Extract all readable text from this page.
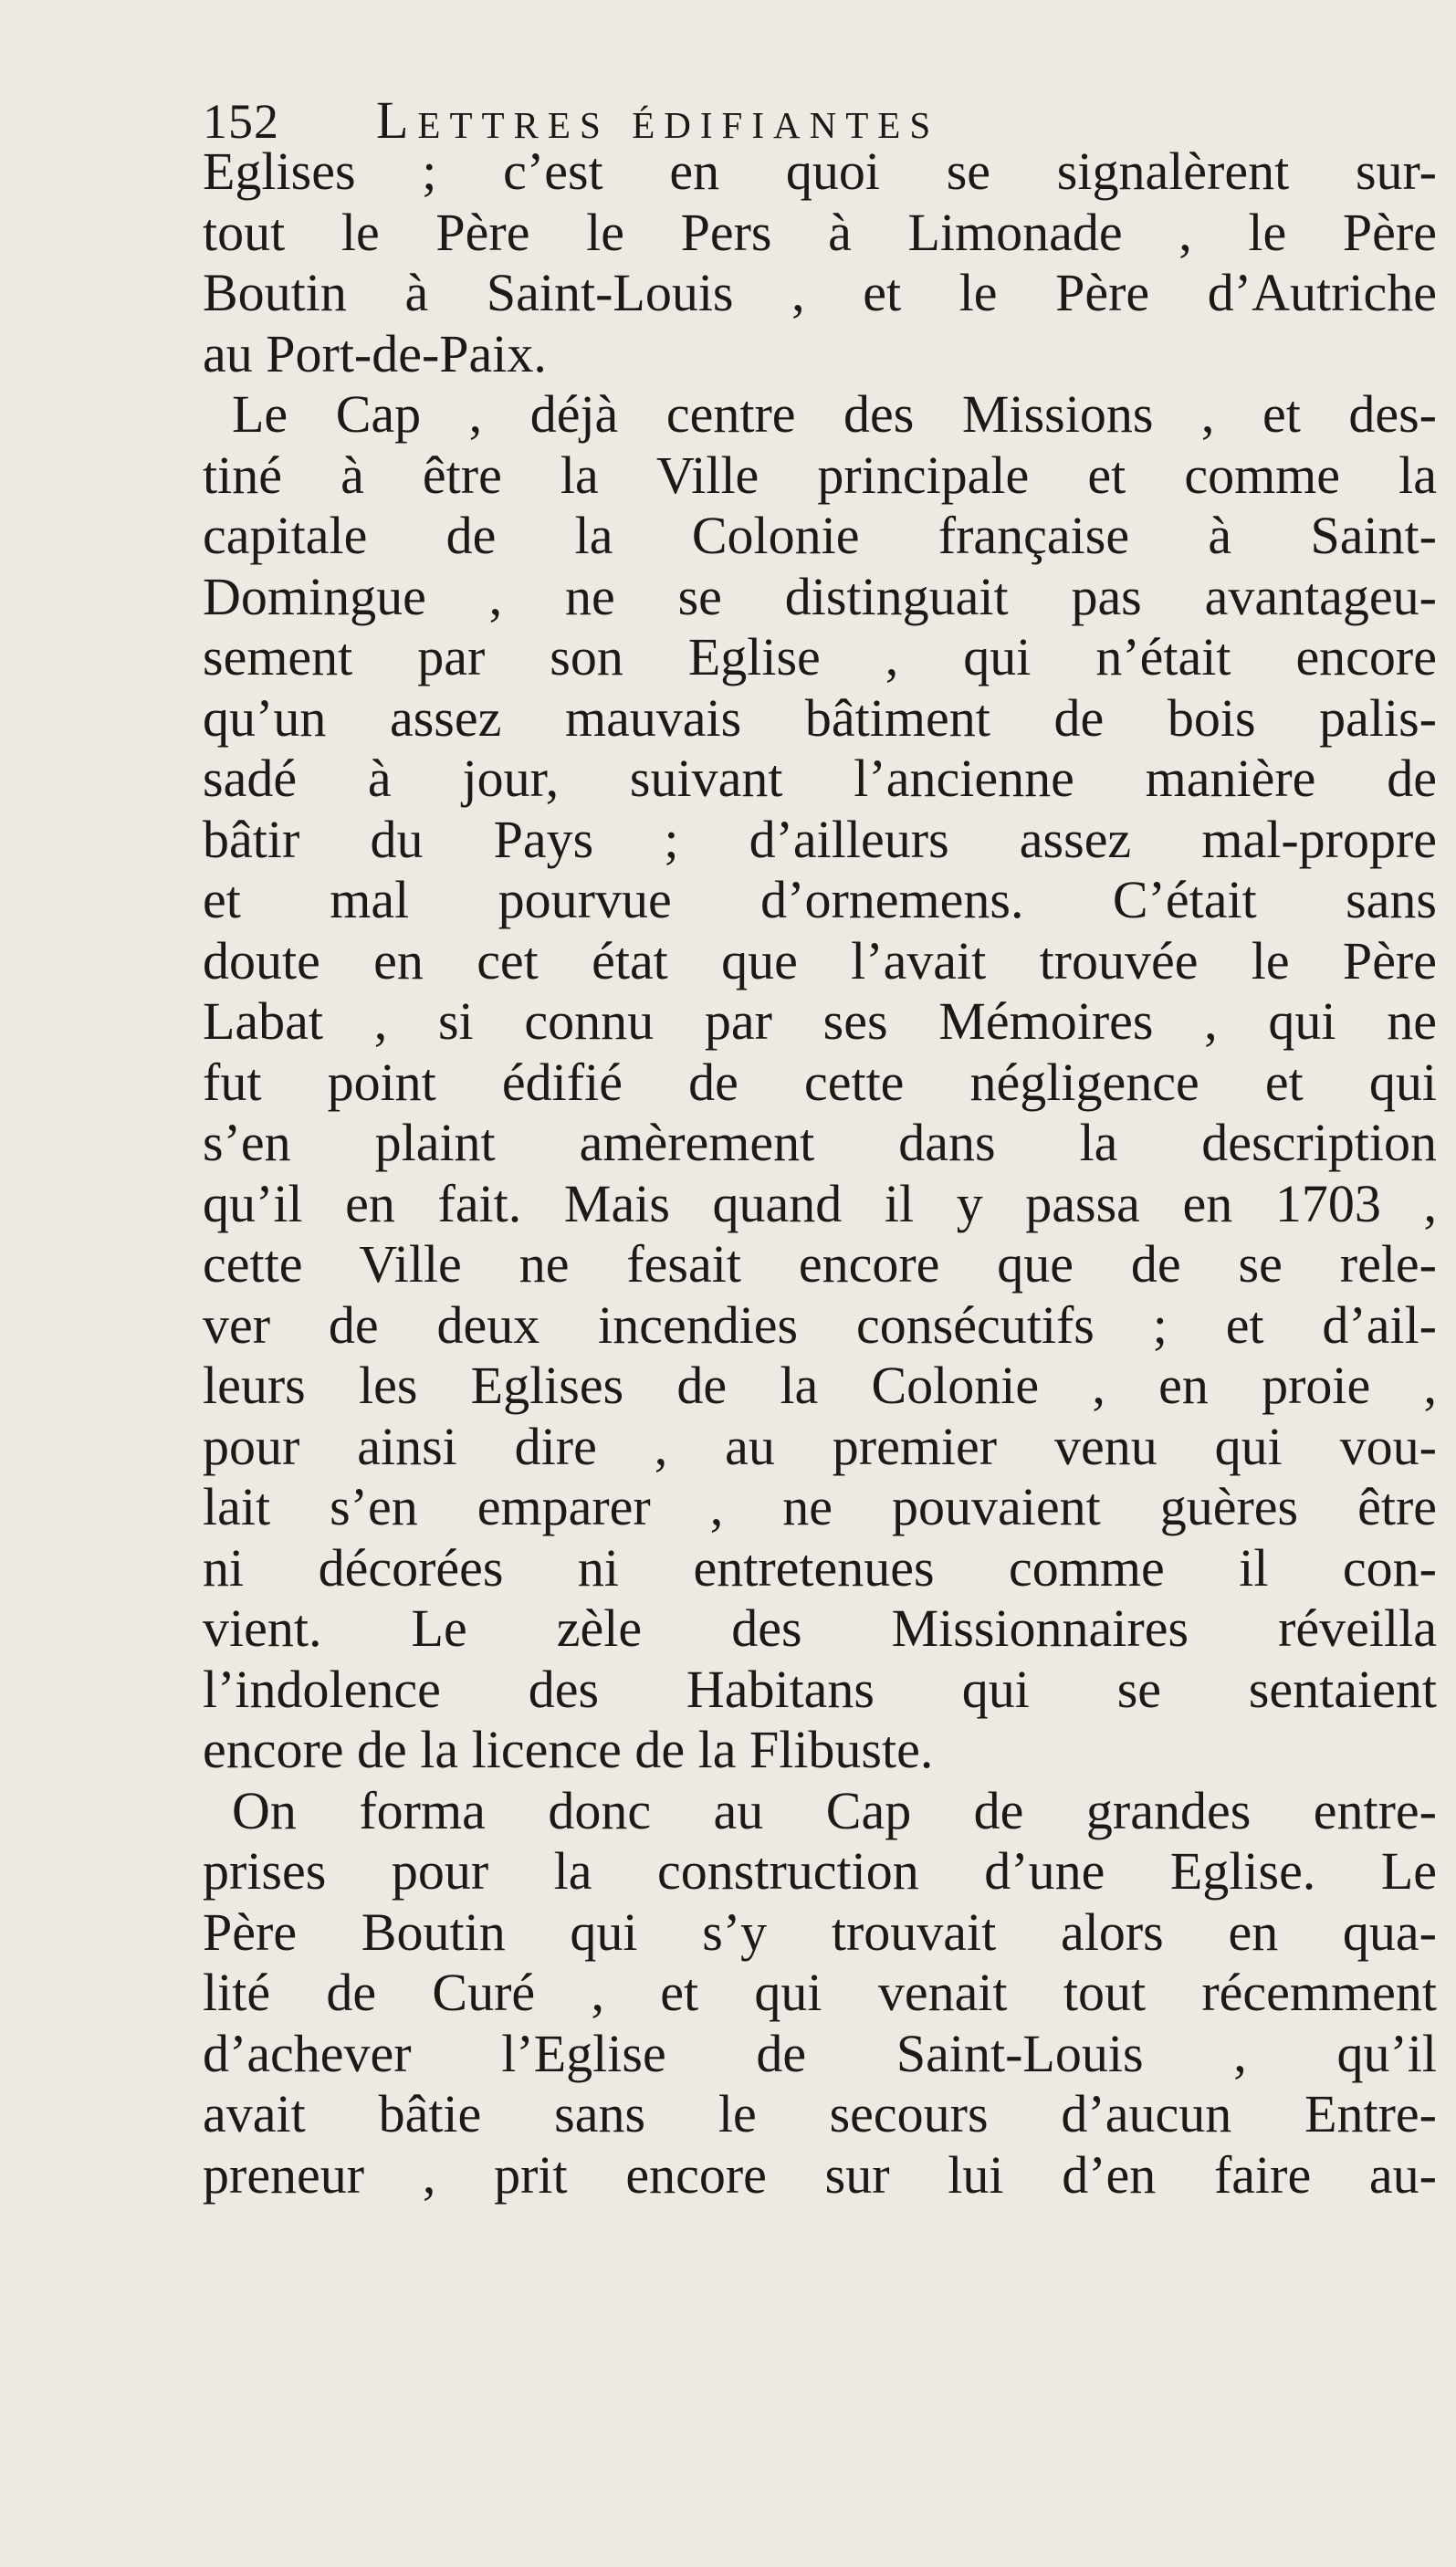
152	Lettres édifiantes
Eglises ; c’est en quoi se signalèrent sur-
tout le Père le Pers à Limonade , le Père
Boutin à Saint-Louis , et le Père d’Autriche
au Port-de-Paix.
Le Cap , déjà centre des Missions , et des-
tiné à être la Ville principale et comme la
capitale de la Colonie française à Saint-
Domingue , ne se distinguait pas avantageu-
sement par son Eglise , qui n’était encore
qu’un assez mauvais bâtiment de bois palis-
sadé à jour, suivant l’ancienne manière de
bâtir du Pays ; d’ailleurs assez mal-propre
et mal pourvue d’ornemens. C’était sans
doute en cet état que l’avait trouvée le Père
Labat , si connu par ses Mémoires , qui ne
fut point édifié de cette négligence et qui
s’en plaint amèrement dans la description
qu’il en fait. Mais quand il y passa en 1703 ,
cette Ville ne fesait encore que de se rele-
ver de deux incendies consécutifs ; et d’ail-
leurs les Eglises de la Colonie , en proie ,
pour ainsi dire , au premier venu qui vou-
lait s’en emparer , ne pouvaient guères être
ni décorées ni entretenues comme il con-
vient. Le zèle des Missionnaires réveilla
l’indolence des Habitans qui se sentaient
encore de la licence de la Flibuste.
On forma donc au Cap de grandes entre-
prises pour la construction d’une Eglise. Le
Père Boutin qui s’y trouvait alors en qua-
lité de Curé , et qui venait tout récemment
d’achever l’Eglise de Saint-Louis , qu’il
avait bâtie sans le secours d’aucun Entre-
preneur , prit encore sur lui d’en faire au-
